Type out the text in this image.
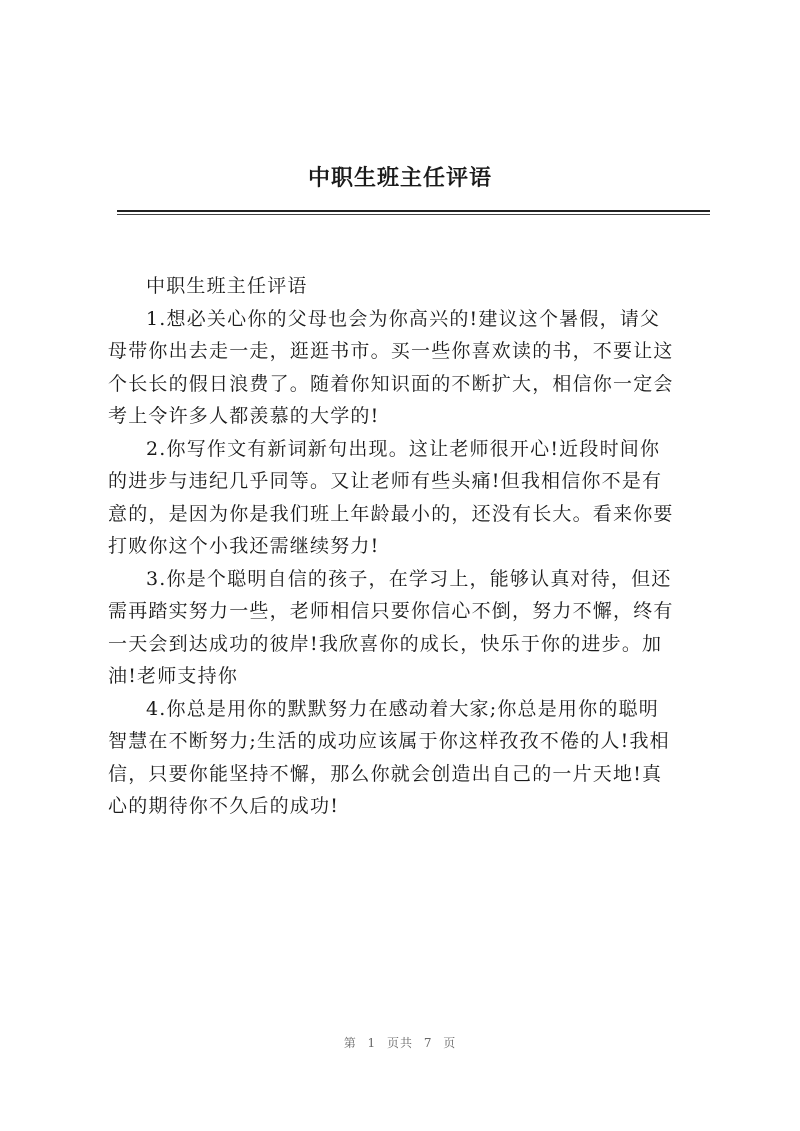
中职生班主任评语

中职生班主任评语

1.想必关心你的父母也会为你高兴的!建议这个暑假，请父
母带你出去走一走，逛逛书市。买一些你喜欢读的书，不要让这
个长长的假日浪费了。随着你知识面的不断扩大，相信你一定会
考上令许多人都羡慕的大学的!

2.你写作文有新词新句出现。这让老师很开心!近段时间你
的进步与违纪几乎同等。又让老师有些头痛!但我相信你不是有
意的，是因为你是我们班上年龄最小的，还没有长大。看来你要
打败你这个小我还需继续努力!

3.你是个聪明自信的孩子，在学习上，能够认真对待，但还
需再踏实努力一些，老师相信只要你信心不倒，努力不懈，终有
一天会到达成功的彼岸!我欣喜你的成长，快乐于你的进步。加
油!老师支持你

4.你总是用你的默默努力在感动着大家;你总是用你的聪明
智慧在不断努力;生活的成功应该属于你这样孜孜不倦的人!我相
信，只要你能坚持不懈，那么你就会创造出自己的一片天地!真
心的期待你不久后的成功!

第 1 页共 7 页
